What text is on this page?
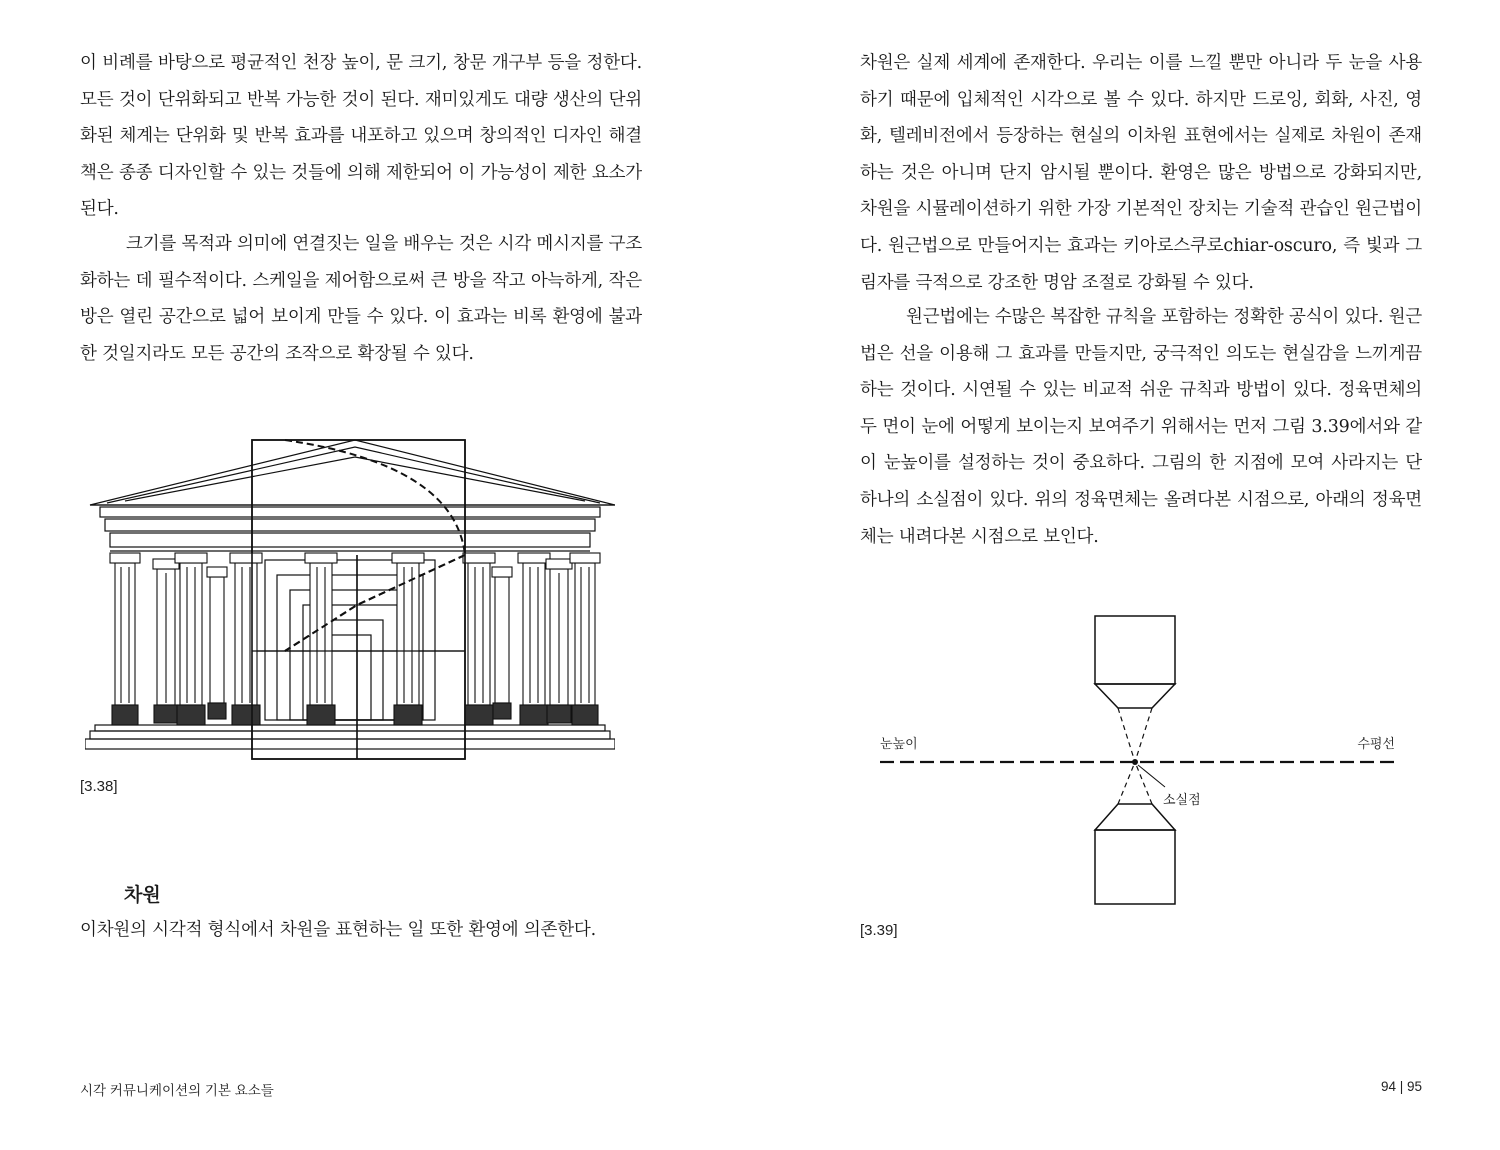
이 비례를 바탕으로 평균적인 천장 높이, 문 크기, 창문 개구부 등을 정한다. 모든 것이 단위화되고 반복 가능한 것이 된다. 재미있게도 대량 생산의 단위화된 체계는 단위화 및 반복 효과를 내포하고 있으며 창의적인 디자인 해결책은 종종 디자인할 수 있는 것들에 의해 제한되어 이 가능성이 제한 요소가 된다.

크기를 목적과 의미에 연결짓는 일을 배우는 것은 시각 메시지를 구조화하는 데 필수적이다. 스케일을 제어함으로써 큰 방을 작고 아늑하게, 작은 방은 열린 공간으로 넓어 보이게 만들 수 있다. 이 효과는 비록 환영에 불과한 것일지라도 모든 공간의 조작으로 확장될 수 있다.

[3.38]

차원

이차원의 시각적 형식에서 차원을 표현하는 일 또한 환영에 의존한다.

시각 커뮤니케이션의 기본 요소들

차원은 실제 세계에 존재한다. 우리는 이를 느낄 뿐만 아니라 두 눈을 사용하기 때문에 입체적인 시각으로 볼 수 있다. 하지만 드로잉, 회화, 사진, 영화, 텔레비전에서 등장하는 현실의 이차원 표현에서는 실제로 차원이 존재하는 것은 아니며 단지 암시될 뿐이다. 환영은 많은 방법으로 강화되지만, 차원을 시뮬레이션하기 위한 가장 기본적인 장치는 기술적 관습인 원근법이다. 원근법으로 만들어지는 효과는 키아로스쿠로chiar-oscuro, 즉 빛과 그림자를 극적으로 강조한 명암 조절로 강화될 수 있다.

원근법에는 수많은 복잡한 규칙을 포함하는 정확한 공식이 있다. 원근법은 선을 이용해 그 효과를 만들지만, 궁극적인 의도는 현실감을 느끼게끔 하는 것이다. 시연될 수 있는 비교적 쉬운 규칙과 방법이 있다. 정육면체의 두 면이 눈에 어떻게 보이는지 보여주기 위해서는 먼저 그림 3.39에서와 같이 눈높이를 설정하는 것이 중요하다. 그림의 한 지점에 모여 사라지는 단 하나의 소실점이 있다. 위의 정육면체는 올려다본 시점으로, 아래의 정육면체는 내려다본 시점으로 보인다.

눈높이	수평선
소실점

[3.39]

94 | 95
